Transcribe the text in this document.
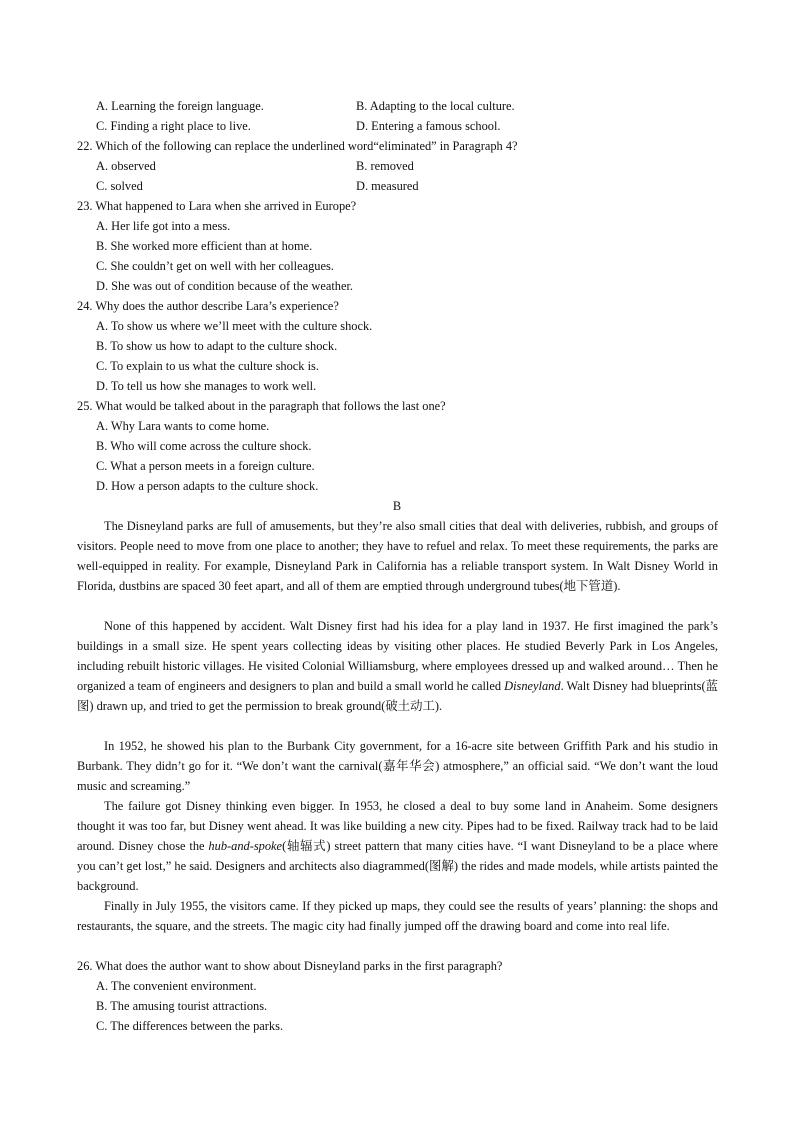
A. Learning the foreign language.	B. Adapting to the local culture.
C. Finding a right place to live.	D. Entering a famous school.
22. Which of the following can replace the underlined word“eliminated” in Paragraph 4?
A. observed	B. removed
C. solved	D. measured
23. What happened to Lara when she arrived in Europe?
A. Her life got into a mess.
B. She worked more efficient than at home.
C. She couldn’t get on well with her colleagues.
D. She was out of condition because of the weather.
24. Why does the author describe Lara’s experience?
A. To show us where we’ll meet with the culture shock.
B. To show us how to adapt to the culture shock.
C. To explain to us what the culture shock is.
D. To tell us how she manages to work well.
25. What would be talked about in the paragraph that follows the last one?
A. Why Lara wants to come home.
B. Who will come across the culture shock.
C. What a person meets in a foreign culture.
D. How a person adapts to the culture shock.
B
The Disneyland parks are full of amusements, but they’re also small cities that deal with deliveries, rubbish, and groups of visitors. People need to move from one place to another; they have to refuel and relax. To meet these requirements, the parks are well-equipped in reality. For example, Disneyland Park in California has a reliable transport system. In Walt Disney World in Florida, dustbins are spaced 30 feet apart, and all of them are emptied through underground tubes(地下管道).
None of this happened by accident. Walt Disney first had his idea for a play land in 1937. He first imagined the park’s buildings in a small size. He spent years collecting ideas by visiting other places. He studied Beverly Park in Los Angeles, including rebuilt historic villages. He visited Colonial Williamsburg, where employees dressed up and walked around… Then he organized a team of engineers and designers to plan and build a small world he called Disneyland. Walt Disney had blueprints(蓝图) drawn up, and tried to get the permission to break ground(破土动工).
In 1952, he showed his plan to the Burbank City government, for a 16-acre site between Griffith Park and his studio in Burbank. They didn’t go for it. “We don’t want the carnival(嘉年华会) atmosphere,” an official said. “We don’t want the loud music and screaming.”
The failure got Disney thinking even bigger. In 1953, he closed a deal to buy some land in Anaheim. Some designers thought it was too far, but Disney went ahead. It was like building a new city. Pipes had to be fixed. Railway track had to be laid around. Disney chose the hub-and-spoke(轴辐式) street pattern that many cities have. “I want Disneyland to be a place where you can’t get lost,” he said. Designers and architects also diagrammed(图解) the rides and made models, while artists painted the background.
Finally in July 1955, the visitors came. If they picked up maps, they could see the results of years’ planning: the shops and restaurants, the square, and the streets. The magic city had finally jumped off the drawing board and come into real life.
26. What does the author want to show about Disneyland parks in the first paragraph?
A. The convenient environment.
B. The amusing tourist attractions.
C. The differences between the parks.
